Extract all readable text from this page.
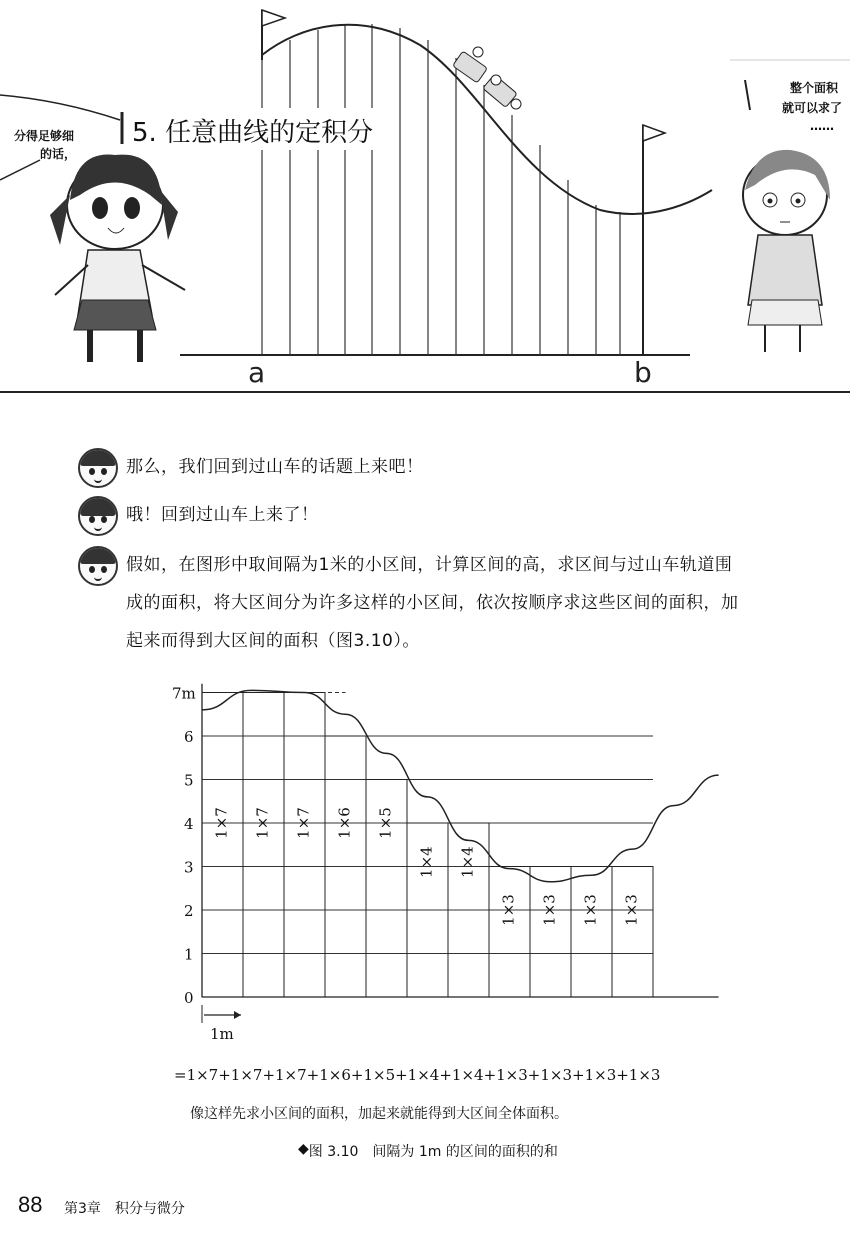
5. 任意曲线的定积分
a	b
分得足够细
的话，
整个面积
就可以求了
……
那么，我们回到过山车的话题上来吧！
哦！回到过山车上来了！
假如，在图形中取间隔为1米的小区间，计算区间的高，求区间与过山车轨道围
成的面积，将大区间分为许多这样的小区间，依次按顺序求这些区间的面积，加
起来而得到大区间的面积（图3.10）。
0
1
2
3
4
5
6
7m
1×7 1×7 1×7 1×6 1×5
1×4 1×4
1×3 1×3 1×3 1×3
1m
=1×7+1×7+1×7+1×6+1×5+1×4+1×4+1×3+1×3+1×3+1×3
像这样先求小区间的面积，加起来就能得到大区间全体面积。
◆ 图 3.10　间隔为 1m 的区间的面积的和
88 第3章　积分与微分
